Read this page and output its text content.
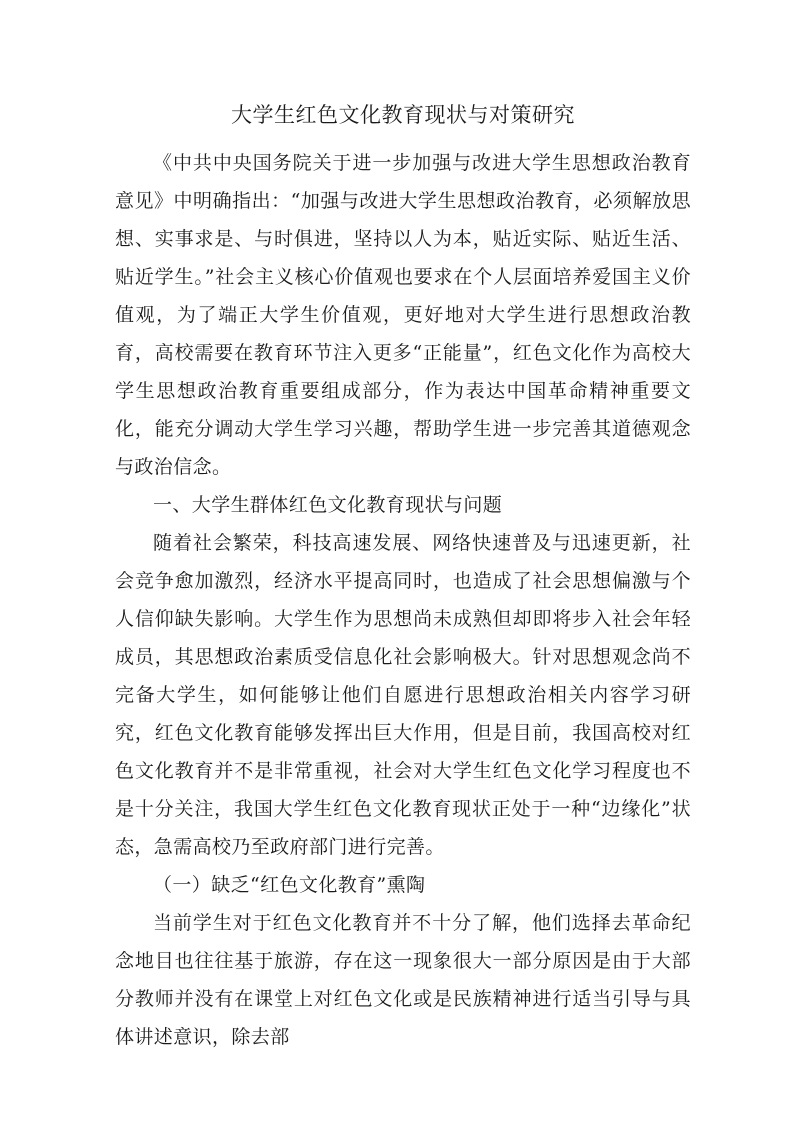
大学生红色文化教育现状与对策研究

《中共中央国务院关于进一步加强与改进大学生思想政治教育意见》中明确指出：“加强与改进大学生思想政治教育，必须解放思想、实事求是、与时俱进，坚持以人为本，贴近实际、贴近生活、贴近学生。”社会主义核心价值观也要求在个人层面培养爱国主义价值观，为了端正大学生价值观，更好地对大学生进行思想政治教育，高校需要在教育环节注入更多“正能量”，红色文化作为高校大学生思想政治教育重要组成部分，作为表达中国革命精神重要文化，能充分调动大学生学习兴趣，帮助学生进一步完善其道德观念与政治信念。

一、大学生群体红色文化教育现状与问题

随着社会繁荣，科技高速发展、网络快速普及与迅速更新，社会竞争愈加激烈，经济水平提高同时，也造成了社会思想偏激与个人信仰缺失影响。大学生作为思想尚未成熟但却即将步入社会年轻成员，其思想政治素质受信息化社会影响极大。针对思想观念尚不完备大学生，如何能够让他们自愿进行思想政治相关内容学习研究，红色文化教育能够发挥出巨大作用，但是目前，我国高校对红色文化教育并不是非常重视，社会对大学生红色文化学习程度也不是十分关注，我国大学生红色文化教育现状正处于一种“边缘化”状态，急需高校乃至政府部门进行完善。

（一）缺乏“红色文化教育”熏陶

当前学生对于红色文化教育并不十分了解，他们选择去革命纪念地目也往往基于旅游，存在这一现象很大一部分原因是由于大部分教师并没有在课堂上对红色文化或是民族精神进行适当引导与具体讲述意识，除去部
